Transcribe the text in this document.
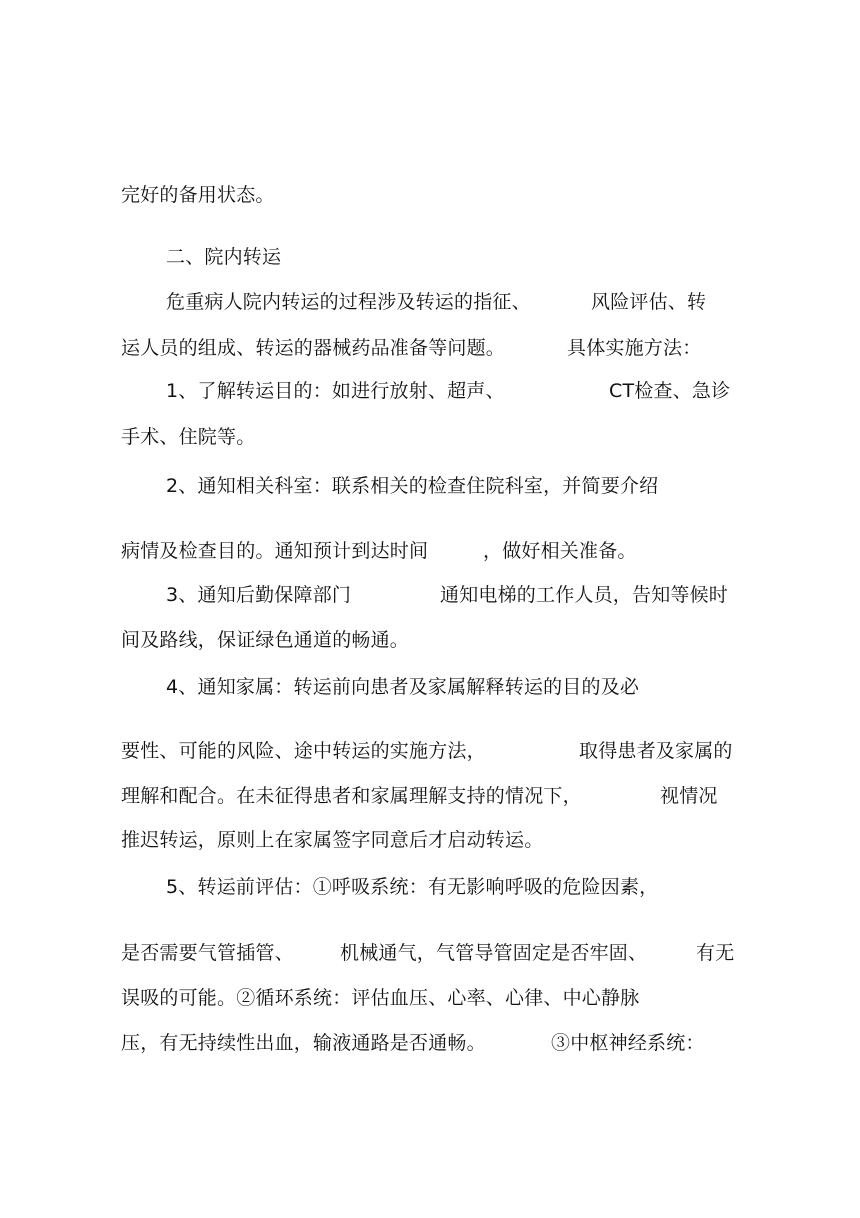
完好的备用状态。
二、院内转运
危重病人院内转运的过程涉及转运的指征、	风险评估、转
运人员的组成、转运的器械药品准备等问题。	具体实施方法：
1、了解转运目的：如进行放射、超声、	CT检查、急诊
手术、住院等。
2、通知相关科室：联系相关的检查住院科室，并简要介绍
病情及检查目的。通知预计到达时间	，做好相关准备。
3、通知后勤保障部门	通知电梯的工作人员，告知等候时
间及路线，保证绿色通道的畅通。
4、通知家属：转运前向患者及家属解释转运的目的及必
要性、可能的风险、途中转运的实施方法，	取得患者及家属的
理解和配合。在未征得患者和家属理解支持的情况下，	视情况
推迟转运，原则上在家属签字同意后才启动转运。
5、转运前评估：①呼吸系统：有无影响呼吸的危险因素，
是否需要气管插管、 机械通气，气管导管固定是否牢固、	有无
误吸的可能。②循环系统：评估血压、心率、心律、中心静脉
压，有无持续性出血，输液通路是否通畅。	③中枢神经系统：
